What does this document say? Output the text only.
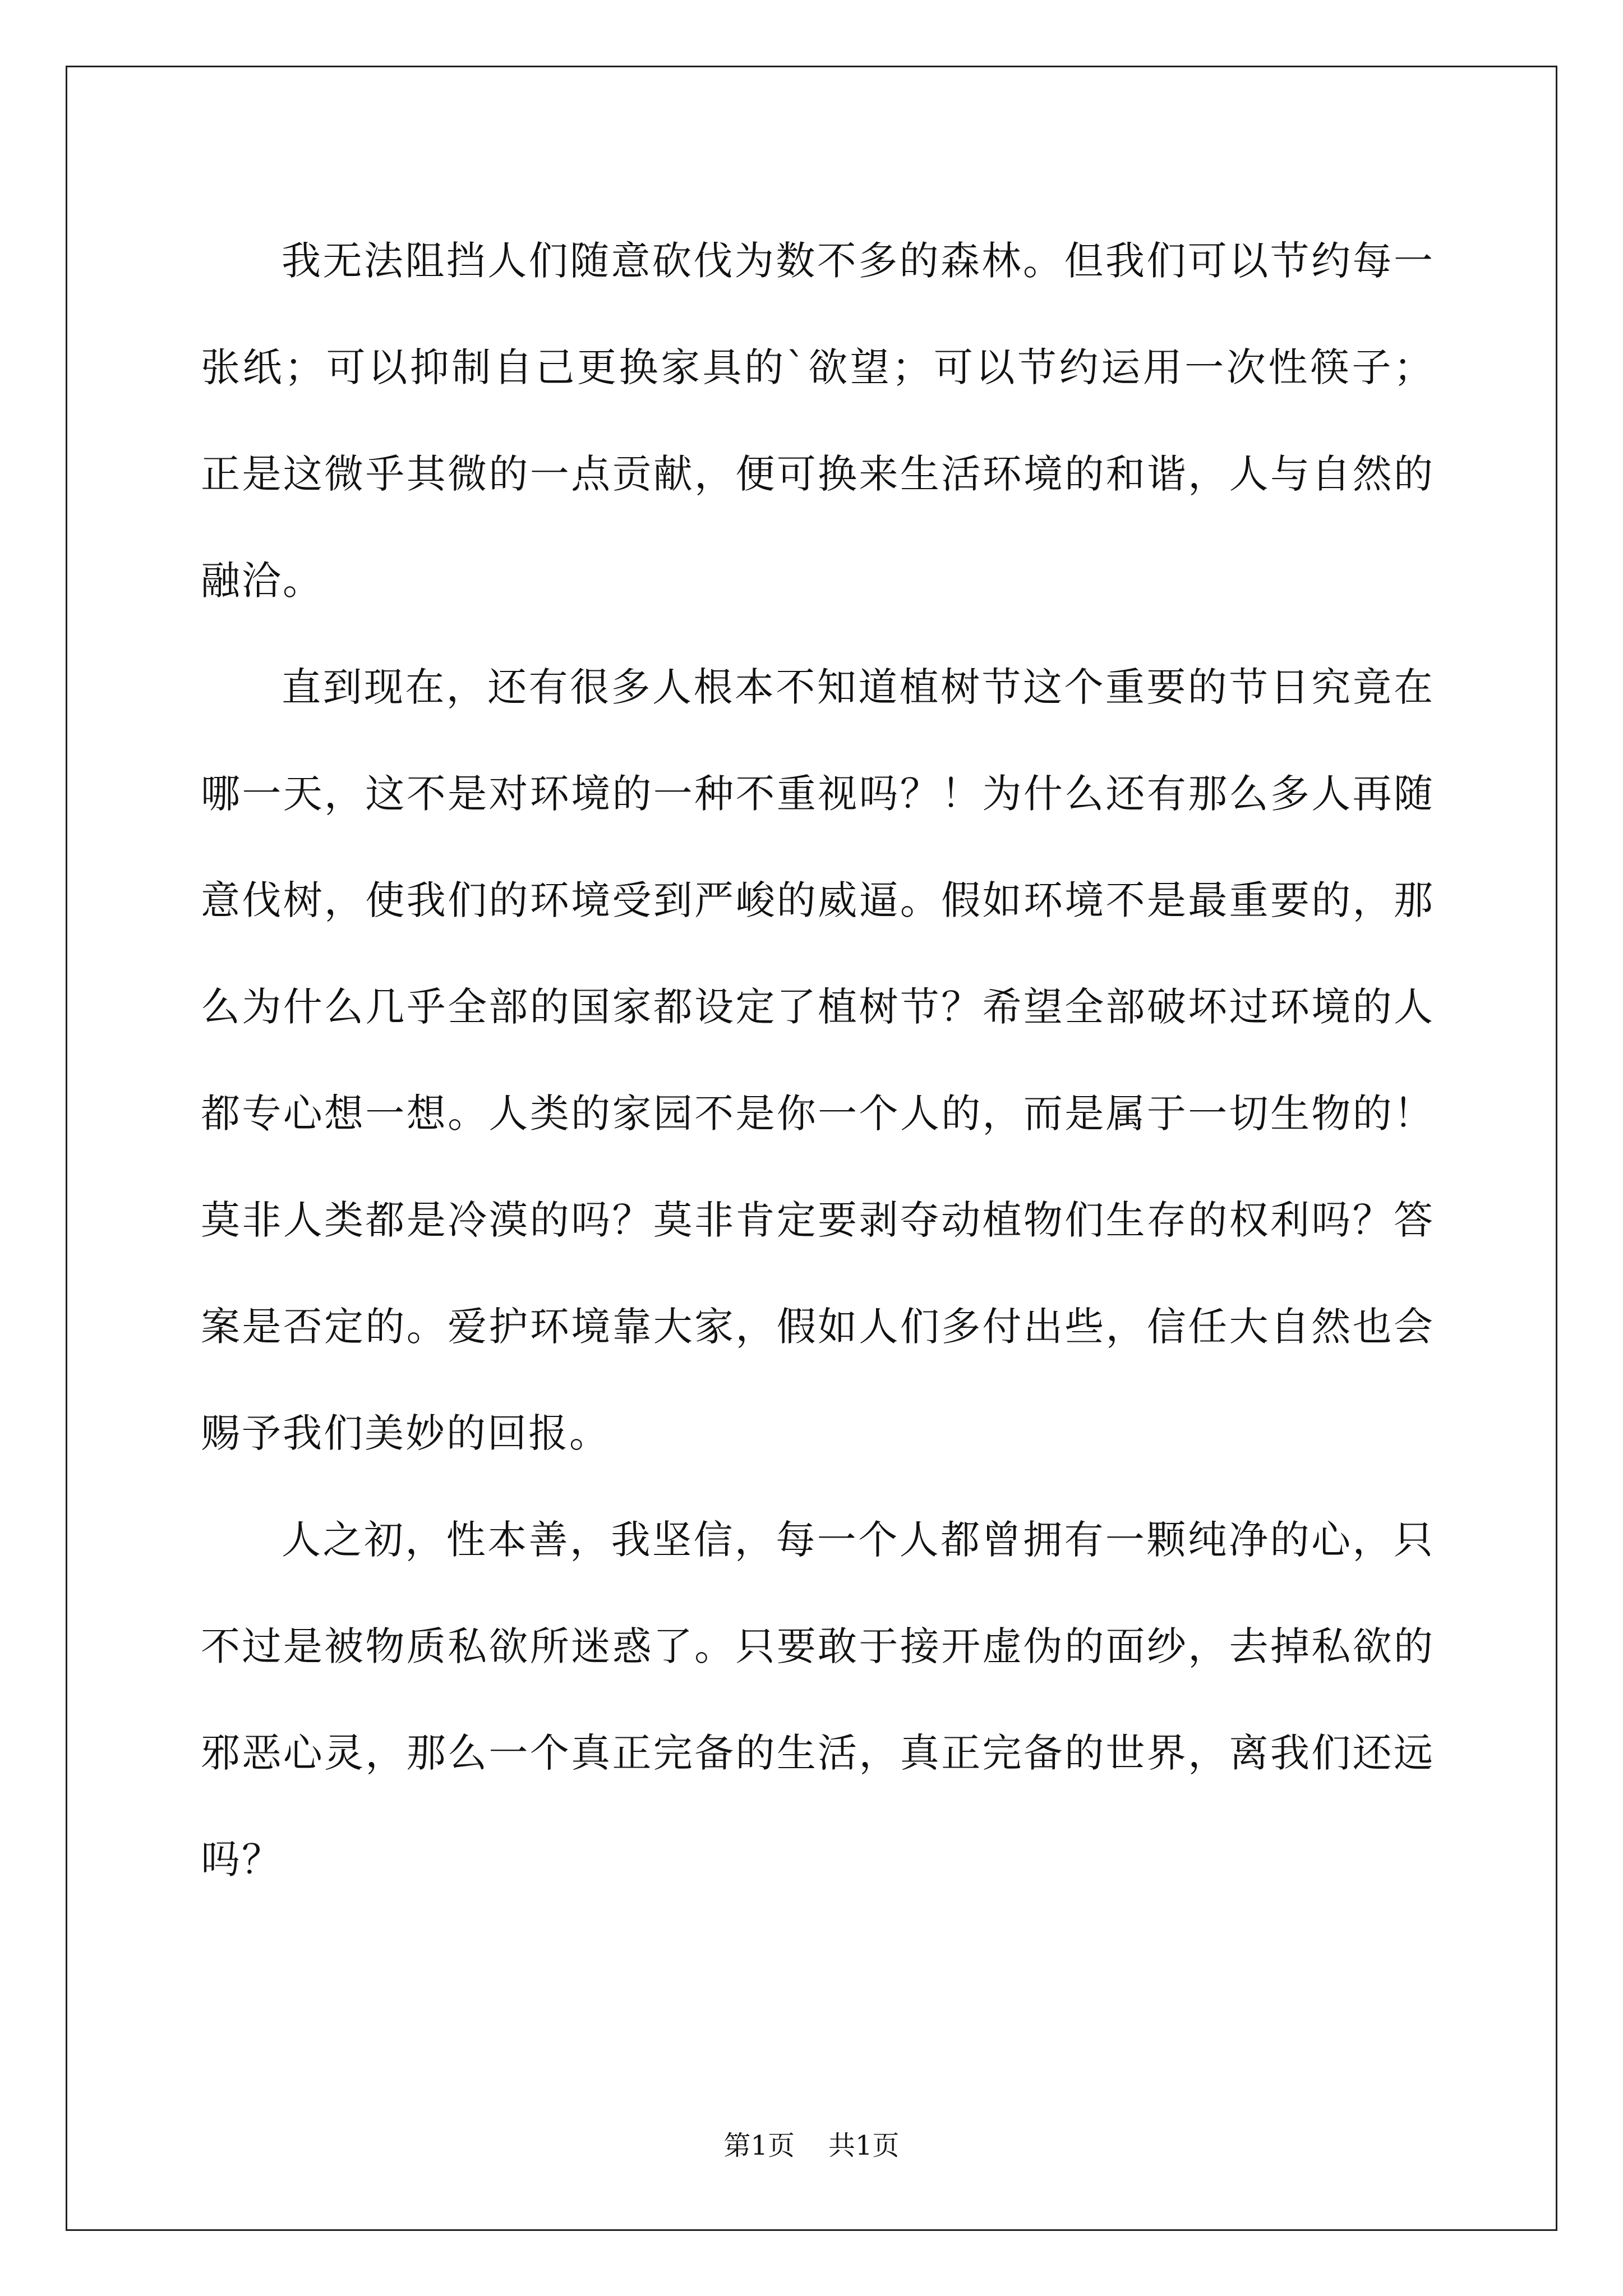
我无法阻挡人们随意砍伐为数不多的森林。但我们可以节约每一张纸；可以抑制自己更换家具的`欲望；可以节约运用一次性筷子；正是这微乎其微的一点贡献，便可换来生活环境的和谐，人与自然的融洽。

直到现在，还有很多人根本不知道植树节这个重要的节日究竟在哪一天，这不是对环境的一种不重视吗？！为什么还有那么多人再随意伐树，使我们的环境受到严峻的威逼。假如环境不是最重要的，那么为什么几乎全部的国家都设定了植树节？希望全部破坏过环境的人都专心想一想。人类的家园不是你一个人的，而是属于一切生物的！莫非人类都是冷漠的吗？莫非肯定要剥夺动植物们生存的权利吗？答案是否定的。爱护环境靠大家，假如人们多付出些，信任大自然也会赐予我们美妙的回报。

人之初，性本善，我坚信，每一个人都曾拥有一颗纯净的心，只不过是被物质私欲所迷惑了。只要敢于接开虚伪的面纱，去掉私欲的邪恶心灵，那么一个真正完备的生活，真正完备的世界，离我们还远吗？

第1页 共1页
